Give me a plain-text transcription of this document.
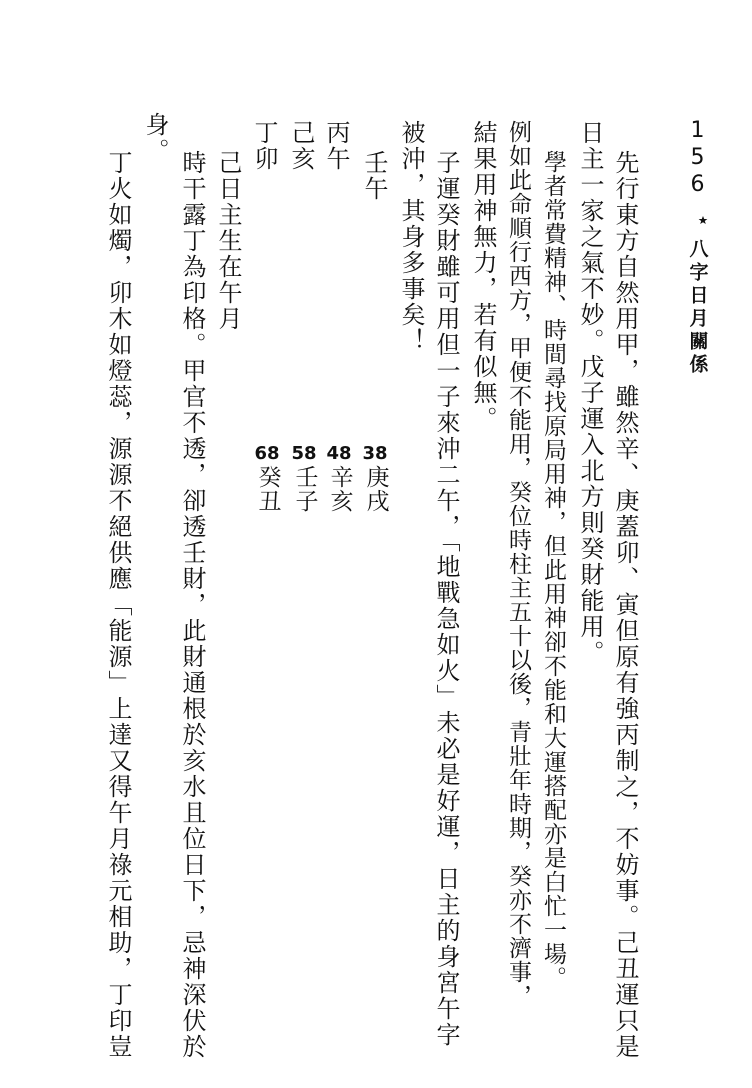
156
八字日月關係
先行東方自然用甲，雖然辛、庚蓋卯、寅但原有強丙制之，不妨事。己丑運只是
日主一家之氣不妙。戊子運入北方則癸財能用。
學者常費精神、時間尋找原局用神，但此用神卻不能和大運搭配亦是白忙一場。
例如此命順行西方，甲便不能用，癸位時柱主五十以後，青壯年時期，癸亦不濟事，
結果用神無力，若有似無。
子運癸財雖可用但一子來沖二午，「地戰急如火」未必是好運，日主的身宮午字
被沖，其身多事矣！
壬午
丙午
己亥
丁卯
38
庚戌
48
辛亥
58
壬子
68
癸丑
己日主生在午月
時干露丁為印格。甲官不透，卻透壬財，此財通根於亥水且位日下，忌神深伏於
身。
丁火如燭，卯木如燈蕊，源源不絕供應「能源」上達又得午月祿元相助，丁印豈
